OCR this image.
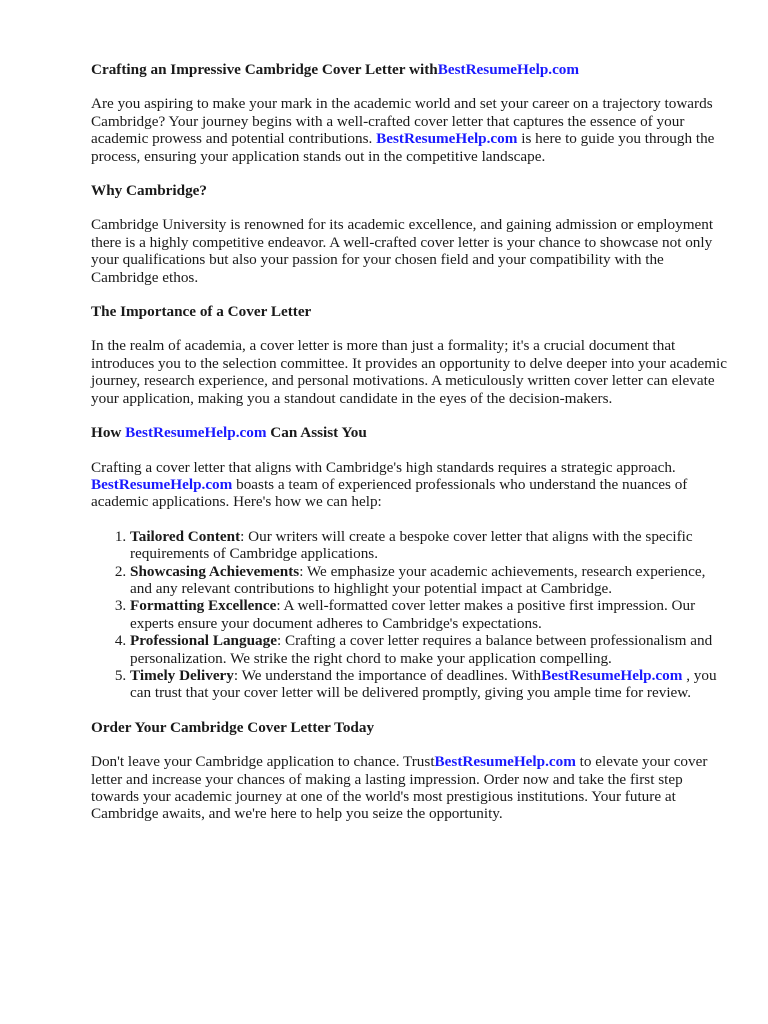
Crafting an Impressive Cambridge Cover Letter withBestResumeHelp.com

Are you aspiring to make your mark in the academic world and set your career on a trajectory towards Cambridge? Your journey begins with a well-crafted cover letter that captures the essence of your academic prowess and potential contributions. BestResumeHelp.com is here to guide you through the process, ensuring your application stands out in the competitive landscape.

Why Cambridge?

Cambridge University is renowned for its academic excellence, and gaining admission or employment there is a highly competitive endeavor. A well-crafted cover letter is your chance to showcase not only your qualifications but also your passion for your chosen field and your compatibility with the Cambridge ethos.

The Importance of a Cover Letter

In the realm of academia, a cover letter is more than just a formality; it's a crucial document that introduces you to the selection committee. It provides an opportunity to delve deeper into your academic journey, research experience, and personal motivations. A meticulously written cover letter can elevate your application, making you a standout candidate in the eyes of the decision-makers.

How BestResumeHelp.com Can Assist You

Crafting a cover letter that aligns with Cambridge's high standards requires a strategic approach.
BestResumeHelp.com boasts a team of experienced professionals who understand the nuances of academic applications. Here's how we can help:

1. Tailored Content: Our writers will create a bespoke cover letter that aligns with the specific requirements of Cambridge applications.
2. Showcasing Achievements: We emphasize your academic achievements, research experience, and any relevant contributions to highlight your potential impact at Cambridge.
3. Formatting Excellence: A well-formatted cover letter makes a positive first impression. Our experts ensure your document adheres to Cambridge's expectations.
4. Professional Language: Crafting a cover letter requires a balance between professionalism and personalization. We strike the right chord to make your application compelling.
5. Timely Delivery: We understand the importance of deadlines. WithBestResumeHelp.com , you can trust that your cover letter will be delivered promptly, giving you ample time for review.
Order Your Cambridge Cover Letter Today

Don't leave your Cambridge application to chance. TrustBestResumeHelp.com to elevate your cover letter and increase your chances of making a lasting impression. Order now and take the first step towards your academic journey at one of the world's most prestigious institutions. Your future at Cambridge awaits, and we're here to help you seize the opportunity.
